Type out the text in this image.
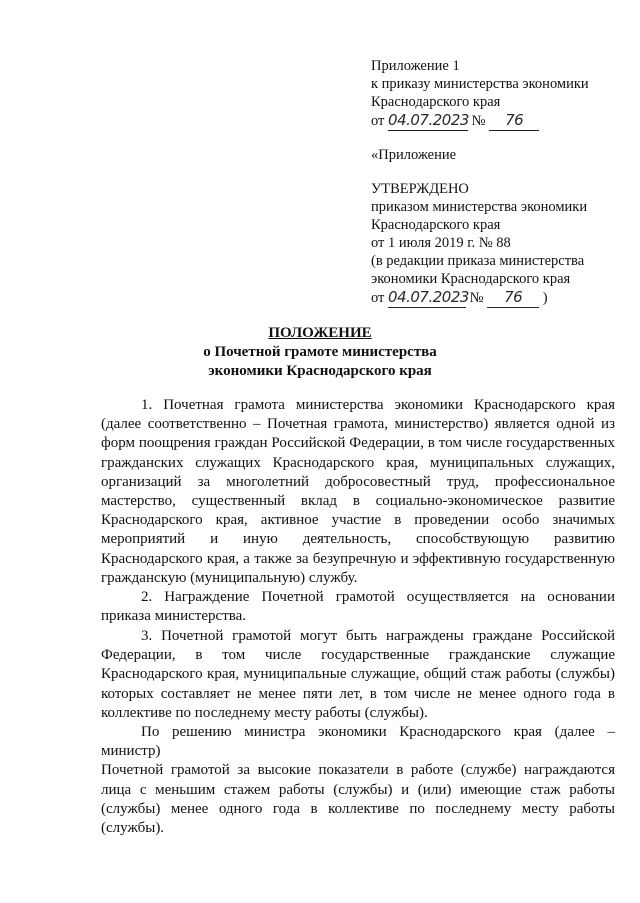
Приложение 1
к приказу министерства экономики
Краснодарского края
от 04.07.2023 № 76
«Приложение
УТВЕРЖДЕНО
приказом министерства экономики
Краснодарского края
от 1 июля 2019 г. № 88
(в редакции приказа министерства
экономики Краснодарского края
от 04.07.2023 № 76 )
ПОЛОЖЕНИЕ
о Почетной грамоте министерства
экономики Краснодарского края

1. Почетная грамота министерства экономики Краснодарского края

(далее соответственно – Почетная грамота, министерство) является одной из

форм поощрения граждан Российской Федерации, в том числе государственных

гражданских служащих Краснодарского края, муниципальных служащих,

организаций за многолетний добросовестный труд, профессиональное

мастерство, существенный вклад в социально-экономическое развитие

Краснодарского края, активное участие в проведении особо значимых

мероприятий и иную деятельность, способствующую развитию

Краснодарского края, а также за безупречную и эффективную государственную

гражданскую (муниципальную) службу.

2. Награждение Почетной грамотой осуществляется на основании

приказа министерства.

3. Почетной грамотой могут быть награждены граждане Российской

Федерации, в том числе государственные гражданские служащие

Краснодарского края, муниципальные служащие, общий стаж работы (службы)

которых составляет не менее пяти лет, в том числе не менее одного года в

коллективе по последнему месту работы (службы).

По решению министра экономики Краснодарского края (далее – министр)

Почетной грамотой за высокие показатели в работе (службе) награждаются

лица с меньшим стажем работы (службы) и (или) имеющие стаж работы

(службы) менее одного года в коллективе по последнему месту работы

(службы).
